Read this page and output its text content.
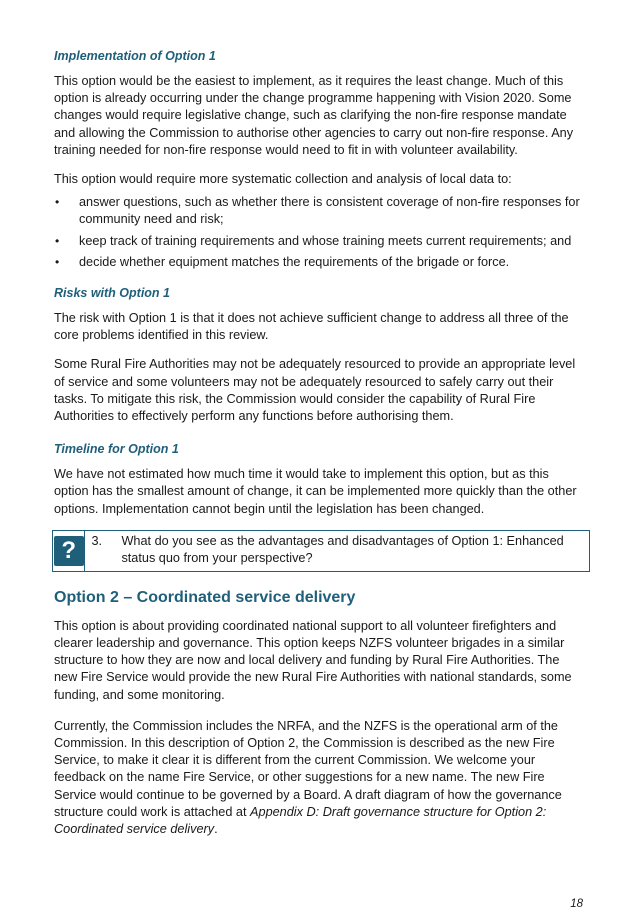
Implementation of Option 1

This option would be the easiest to implement, as it requires the least change. Much of this option is already occurring under the change programme happening with Vision 2020. Some changes would require legislative change, such as clarifying the non-fire response mandate and allowing the Commission to authorise other agencies to carry out non-fire response. Any training needed for non-fire response would need to fit in with volunteer availability.

This option would require more systematic collection and analysis of local data to:

• answer questions, such as whether there is consistent coverage of non-fire responses for community need and risk;
• keep track of training requirements and whose training meets current requirements; and
• decide whether equipment matches the requirements of the brigade or force.
Risks with Option 1

The risk with Option 1 is that it does not achieve sufficient change to address all three of the core problems identified in this review.

Some Rural Fire Authorities may not be adequately resourced to provide an appropriate level of service and some volunteers may not be adequately resourced to safely carry out their tasks. To mitigate this risk, the Commission would consider the capability of Rural Fire Authorities to effectively perform any functions before authorising them.

Timeline for Option 1

We have not estimated how much time it would take to implement this option, but as this option has the smallest amount of change, it can be implemented more quickly than the other options. Implementation cannot begin until the legislation has been changed.

?	3.	What do you see as the advantages and disadvantages of Option 1: Enhanced status quo from your perspective?
Option 2 – Coordinated service delivery

This option is about providing coordinated national support to all volunteer firefighters and clearer leadership and governance. This option keeps NZFS volunteer brigades in a similar structure to how they are now and local delivery and funding by Rural Fire Authorities. The new Fire Service would provide the new Rural Fire Authorities with national standards, some funding, and some monitoring.

Currently, the Commission includes the NRFA, and the NZFS is the operational arm of the Commission. In this description of Option 2, the Commission is described as the new Fire Service, to make it clear it is different from the current Commission. We welcome your feedback on the name Fire Service, or other suggestions for a new name. The new Fire Service would continue to be governed by a Board. A draft diagram of how the governance structure could work is attached at Appendix D: Draft governance structure for Option 2: Coordinated service delivery.

18
